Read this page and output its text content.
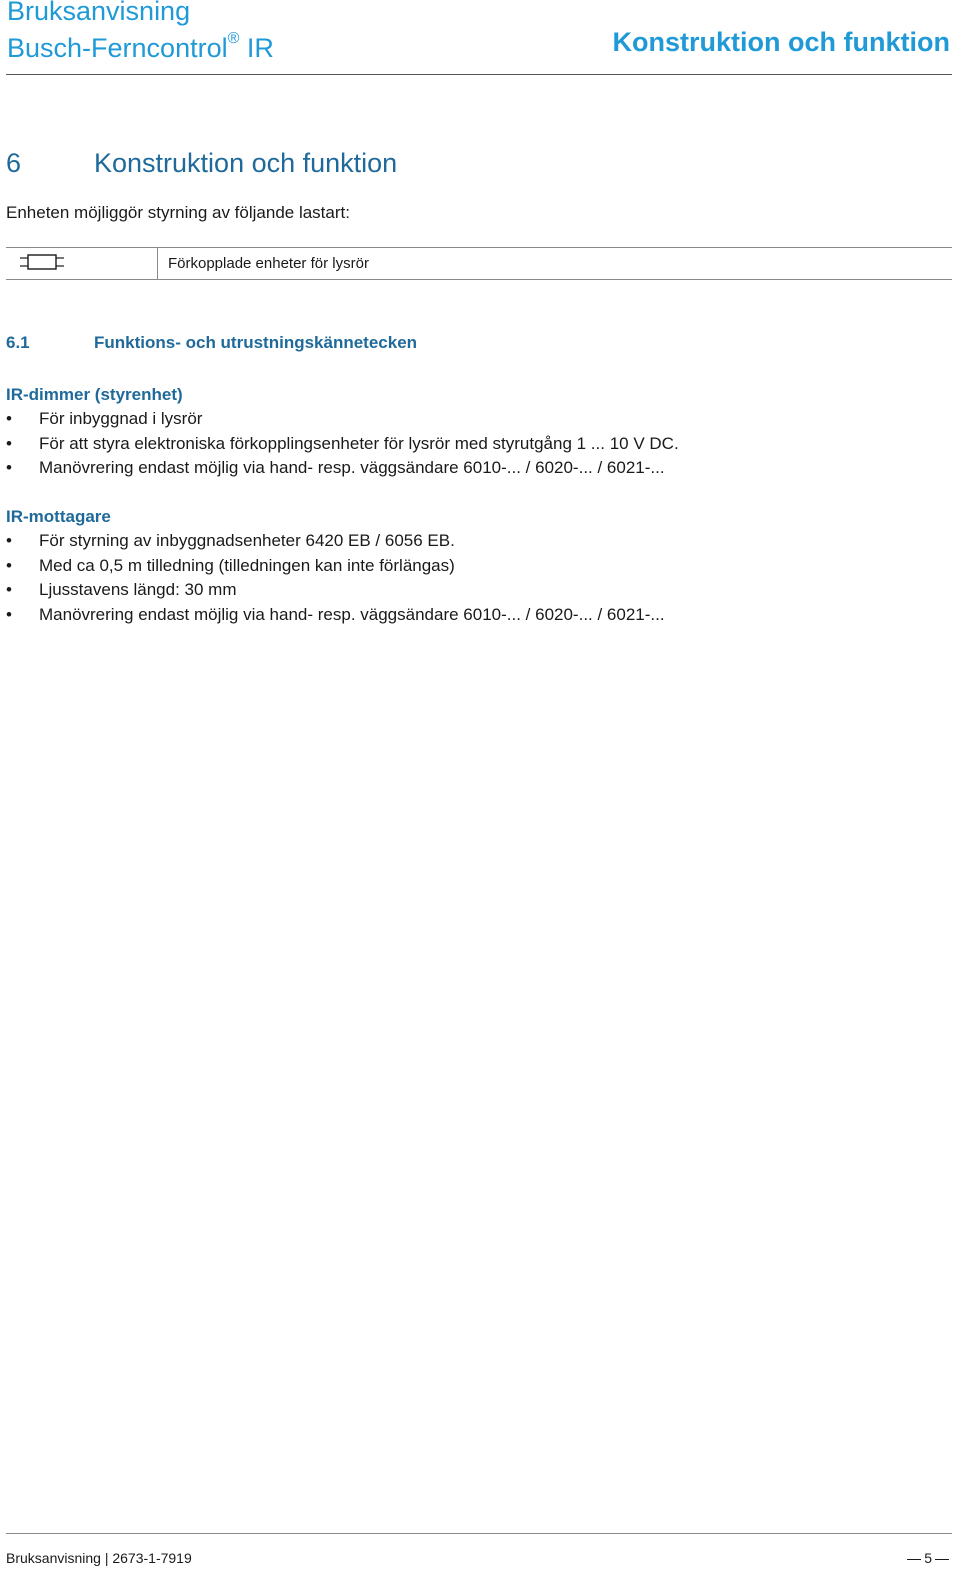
Bruksanvisning
Busch-Ferncontrol® IR	Konstruktion och funktion
6	Konstruktion och funktion
Enheten möjliggör styrning av följande lastart:
Förkopplade enheter för lysrör
6.1	Funktions- och utrustningskännetecken
IR-dimmer (styrenhet)
• För inbyggnad i lysrör
• För att styra elektroniska förkopplingsenheter för lysrör med styrutgång 1 ... 10 V DC.
• Manövrering endast möjlig via hand- resp. väggsändare 6010-... / 6020-... / 6021-...
IR-mottagare
• För styrning av inbyggnadsenheter 6420 EB / 6056 EB.
• Med ca 0,5 m tilledning (tilledningen kan inte förlängas)
• Ljusstavens längd: 30 mm
• Manövrering endast möjlig via hand- resp. väggsändare 6010-... / 6020-... / 6021-...
Bruksanvisning | 2673-1-7919	5
